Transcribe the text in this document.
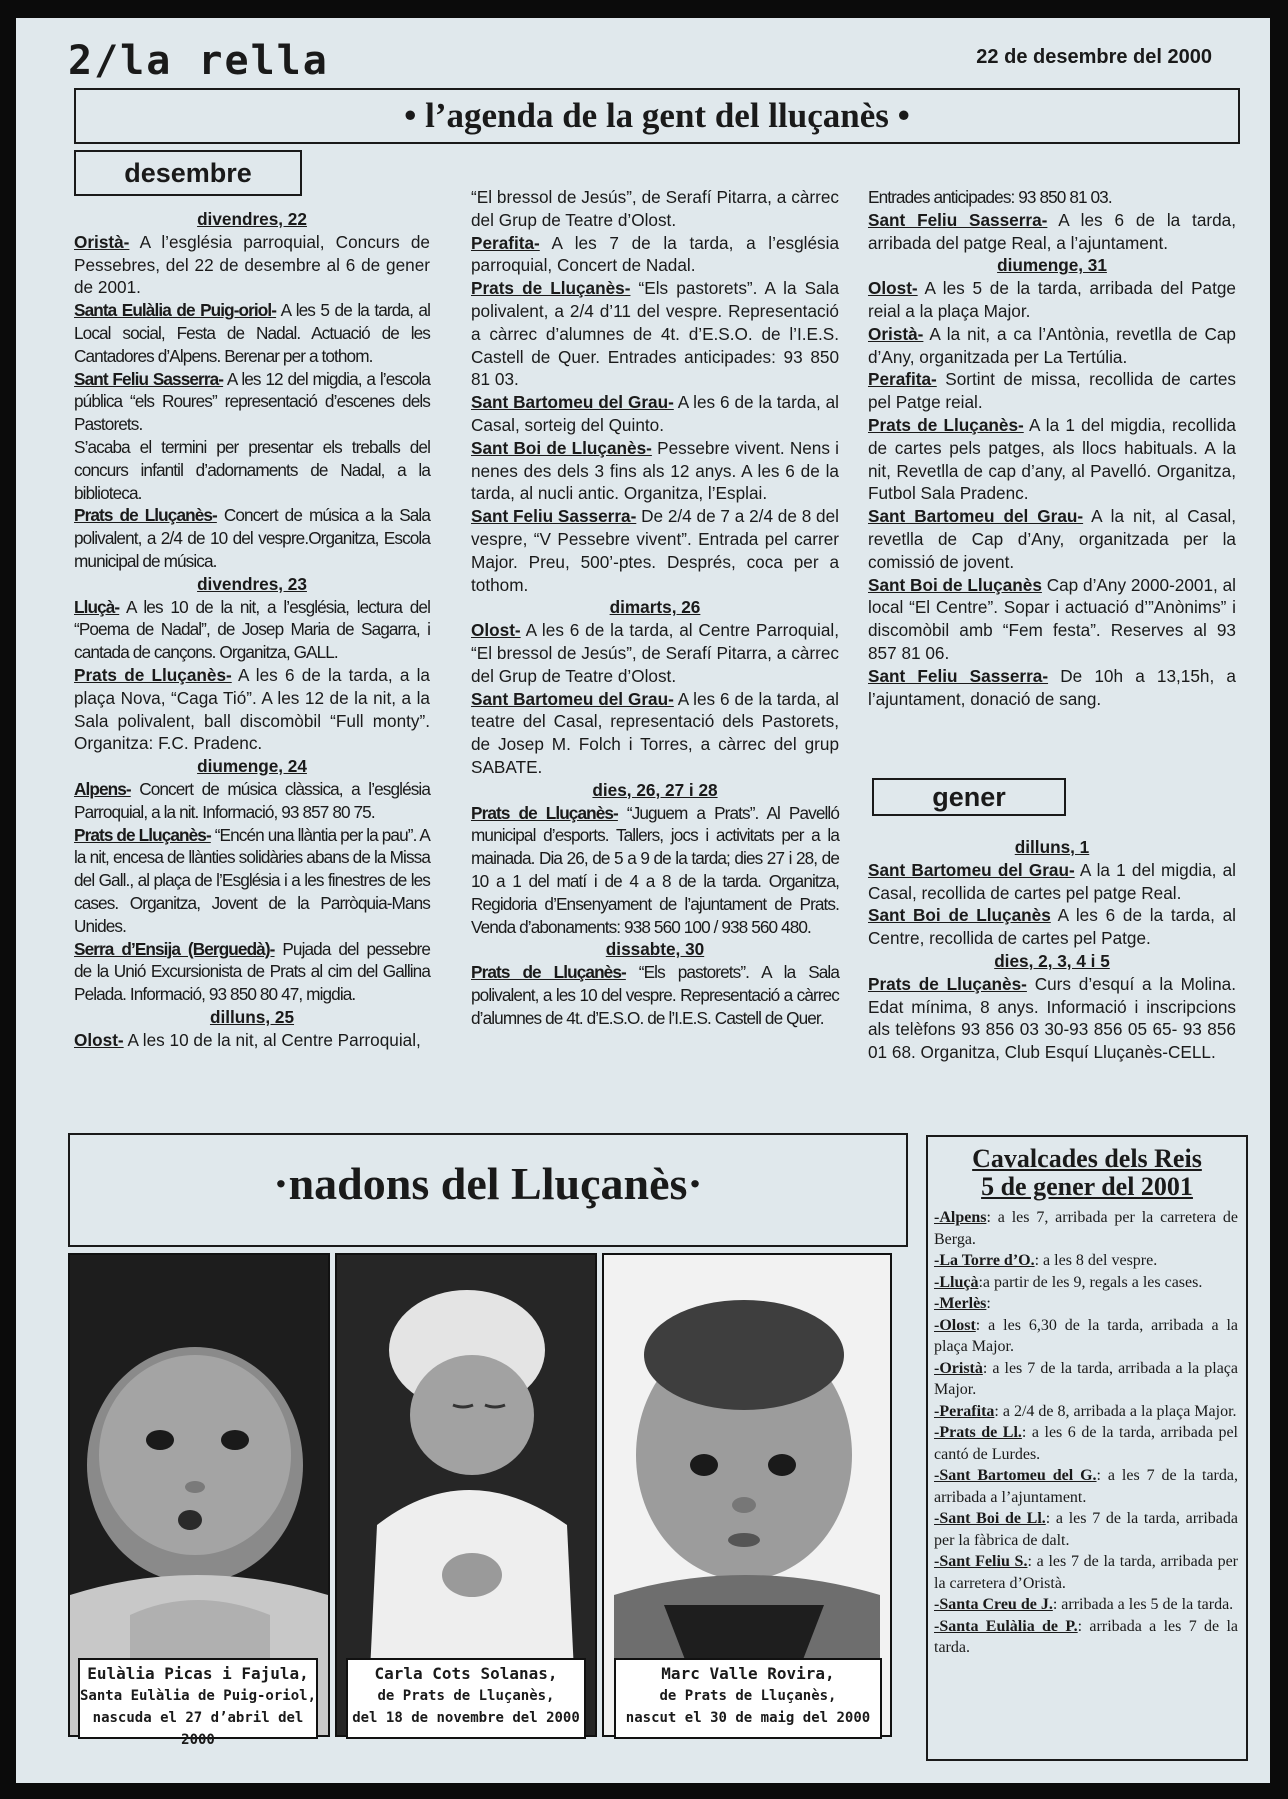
2/la rella	22 de desembre del 2000
• l’agenda de la gent del lluçanès •
desembre

divendres, 22

Oristà- A l’església parroquial, Concurs de Pessebres, del 22 de desembre al 6 de gener de 2001.

Santa Eulàlia de Puig-oriol- A les 5 de la tarda, al Local social, Festa de Nadal. Actuació de les Cantadores d’Alpens. Berenar per a tothom.

Sant Feliu Sasserra- A les 12 del migdia, a l’escola pública “els Roures” representació d’escenes dels Pastorets.

S’acaba el termini per presentar els treballs del concurs infantil d’adornaments de Nadal, a la biblioteca.

Prats de Lluçanès- Concert de música a la Sala polivalent, a 2/4 de 10 del vespre.Organitza, Escola municipal de música.

divendres, 23

Lluçà- A les 10 de la nit, a l’església, lectura del “Poema de Nadal”, de Josep Maria de Sagarra, i cantada de cançons. Organitza, GALL.

Prats de Lluçanès- A les 6 de la tarda, a la plaça Nova, “Caga Tió”. A les 12 de la nit, a la Sala polivalent, ball discomòbil “Full monty”. Organitza: F.C. Pradenc.

diumenge, 24

Alpens- Concert de música clàssica, a l’església Parroquial, a la nit. Informació, 93 857 80 75.

Prats de Lluçanès- “Encén una llàntia per la pau”. A la nit, encesa de llànties solidàries abans de la Missa del Gall., al plaça de l’Església i a les finestres de les cases. Organitza, Jovent de la Parròquia-Mans Unides.

Serra d’Ensija (Berguedà)- Pujada del pessebre de la Unió Excursionista de Prats al cim del Gallina Pelada. Informació, 93 850 80 47, migdia.

dilluns, 25

Olost- A les 10 de la nit, al Centre Parroquial,

“El bressol de Jesús”, de Serafí Pitarra, a càrrec del Grup de Teatre d’Olost.

Perafita- A les 7 de la tarda, a l’església parroquial, Concert de Nadal.

Prats de Lluçanès- “Els pastorets”. A la Sala polivalent, a 2/4 d’11 del vespre. Representació a càrrec d’alumnes de 4t. d’E.S.O. de l’I.E.S. Castell de Quer. Entrades anticipades: 93 850 81 03.

Sant Bartomeu del Grau- A les 6 de la tarda, al Casal, sorteig del Quinto.

Sant Boi de Lluçanès- Pessebre vivent. Nens i nenes des dels 3 fins als 12 anys. A les 6 de la tarda, al nucli antic. Organitza, l’Esplai.

Sant Feliu Sasserra- De 2/4 de 7 a 2/4 de 8 del vespre, “V Pessebre vivent”. Entrada pel carrer Major. Preu, 500’-ptes. Després, coca per a tothom.

dimarts, 26

Olost- A les 6 de la tarda, al Centre Parroquial, “El bressol de Jesús”, de Serafí Pitarra, a càrrec del Grup de Teatre d’Olost.

Sant Bartomeu del Grau- A les 6 de la tarda, al teatre del Casal, representació dels Pastorets, de Josep M. Folch i Torres, a càrrec del grup SABATE.

dies, 26, 27 i 28

Prats de Lluçanès- “Juguem a Prats”. Al Pavelló municipal d’esports. Tallers, jocs i activitats per a la mainada. Dia 26, de 5 a 9 de la tarda; dies 27 i 28, de 10 a 1 del matí i de 4 a 8 de la tarda. Organitza, Regidoria d’Ensenyament de l’ajuntament de Prats. Venda d’abonaments: 938 560 100 / 938 560 480.

dissabte, 30

Prats de Lluçanès- “Els pastorets”. A la Sala polivalent, a les 10 del vespre. Representació a càrrec d’alumnes de 4t. d’E.S.O. de l’I.E.S. Castell de Quer.

Entrades anticipades: 93 850 81 03.

Sant Feliu Sasserra- A les 6 de la tarda, arribada del patge Real, a l’ajuntament.

diumenge, 31

Olost- A les 5 de la tarda, arribada del Patge reial a la plaça Major.

Oristà- A la nit, a ca l’Antònia, revetlla de Cap d’Any, organitzada per La Tertúlia.

Perafita- Sortint de missa, recollida de cartes pel Patge reial.

Prats de Lluçanès- A la 1 del migdia, recollida de cartes pels patges, als llocs habituals. A la nit, Revetlla de cap d’any, al Pavelló. Organitza, Futbol Sala Pradenc.

Sant Bartomeu del Grau- A la nit, al Casal, revetlla de Cap d’Any, organitzada per la comissió de jovent.

Sant Boi de Lluçanès Cap d’Any 2000-2001, al local “El Centre”. Sopar i actuació d’”Anònims” i discomòbil amb “Fem festa”. Reserves al 93 857 81 06.

Sant Feliu Sasserra- De 10h a 13,15h, a l’ajuntament, donació de sang.

gener

dilluns, 1

Sant Bartomeu del Grau- A la 1 del migdia, al Casal, recollida de cartes pel patge Real.

Sant Boi de Lluçanès A les 6 de la tarda, al Centre, recollida de cartes pel Patge.

dies, 2, 3, 4 i 5

Prats de Lluçanès- Curs d’esquí a la Molina. Edat mínima, 8 anys. Informació i inscripcions als telèfons 93 856 03 30-93 856 05 65- 93 856 01 68. Organitza, Club Esquí Lluçanès-CELL.

·nadons del Lluçanès·
Eulàlia Picas i Fajula,
Santa Eulàlia de Puig-oriol,
nascuda el 27 d’abril del 2000
Carla Cots Solanas,
de Prats de Lluçanès,
del 18 de novembre del 2000
Marc Valle Rovira,
de Prats de Lluçanès,
nascut el 30 de maig del 2000
Cavalcades dels Reis
5 de gener del 2001

-Alpens: a les 7, arribada per la carretera de Berga.

-La Torre d’O.: a les 8 del vespre.

-Lluçà:a partir de les 9, regals a les cases.

-Merlès:

-Olost: a les 6,30 de la tarda, arribada a la plaça Major.

-Oristà: a les 7 de la tarda, arribada a la plaça Major.

-Perafita: a 2/4 de 8, arribada a la plaça Major.

-Prats de Ll.: a les 6 de la tarda, arribada pel cantó de Lurdes.

-Sant Bartomeu del G.: a les 7 de la tarda, arribada a l’ajuntament.

-Sant Boi de Ll.: a les 7 de la tarda, arribada per la fàbrica de dalt.

-Sant Feliu S.: a les 7 de la tarda, arribada per la carretera d’Oristà.

-Santa Creu de J.: arribada a les 5 de la tarda.

-Santa Eulàlia de P.: arribada a les 7 de la tarda.
